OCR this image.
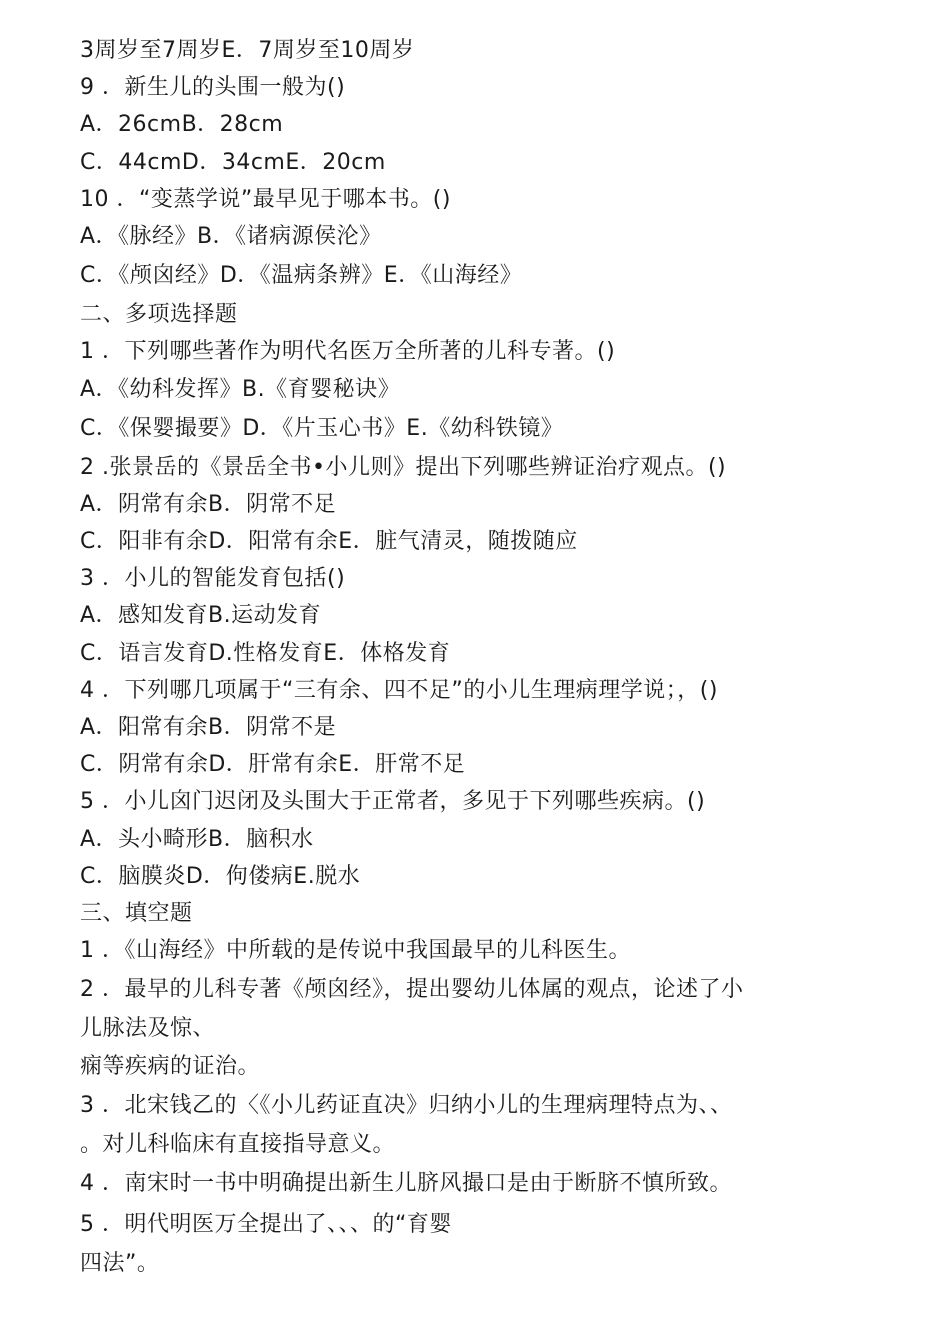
3周岁至7周岁E．7周岁至10周岁
9 ．新生儿的头围一般为()
A．26cmB．28cm
C．44cmD．34cmE．20cm
10 ．“变蒸学说”最早见于哪本书。()
A．《脉经》B．《诸病源侯沦》
C．《颅囟经》D．《温病条辨》E．《山海经》
二、多项选择题
1 ．下列哪些著作为明代名医万全所著的儿科专著。()
A．《幼科发挥》B.《育婴秘诀》
C．《保婴撮要》D．《片玉心书》E.《幼科铁镜》
2 .张景岳的《景岳全书•小儿则》提出下列哪些辨证治疗观点。()
A．阴常有余B．阴常不足
C．阳非有余D．阳常有余E．脏气清灵，随拨随应
3 ．小儿的智能发育包括()
A．感知发育B.运动发育
C．语言发育D.性格发育E．体格发育
4 ．下列哪几项属于“三有余、四不足”的小儿生理病理学说；，()
A．阳常有余B．阴常不是
C．阴常有余D．肝常有余E．肝常不足
5 ．小儿囟门迟闭及头围大于正常者，多见于下列哪些疾病。()
A．头小畸形B．脑积水
C．脑膜炎D．佝偻病E.脱水
三、填空题
1 ．《山海经》中所载的是传说中我国最早的儿科医生。
2 ．最早的儿科专著《颅囟经》，提出婴幼儿体属的观点，论述了小
儿脉法及惊、
痫等疾病的证治。
3 ．北宋钱乙的〈《小儿药证直决》归纳小儿的生理病理特点为、、
。对儿科临床有直接指导意义。
4 ．南宋时一书中明确提出新生儿脐风撮口是由于断脐不慎所致。
5 ．明代明医万全提出了、、、的“育婴
四法”。
